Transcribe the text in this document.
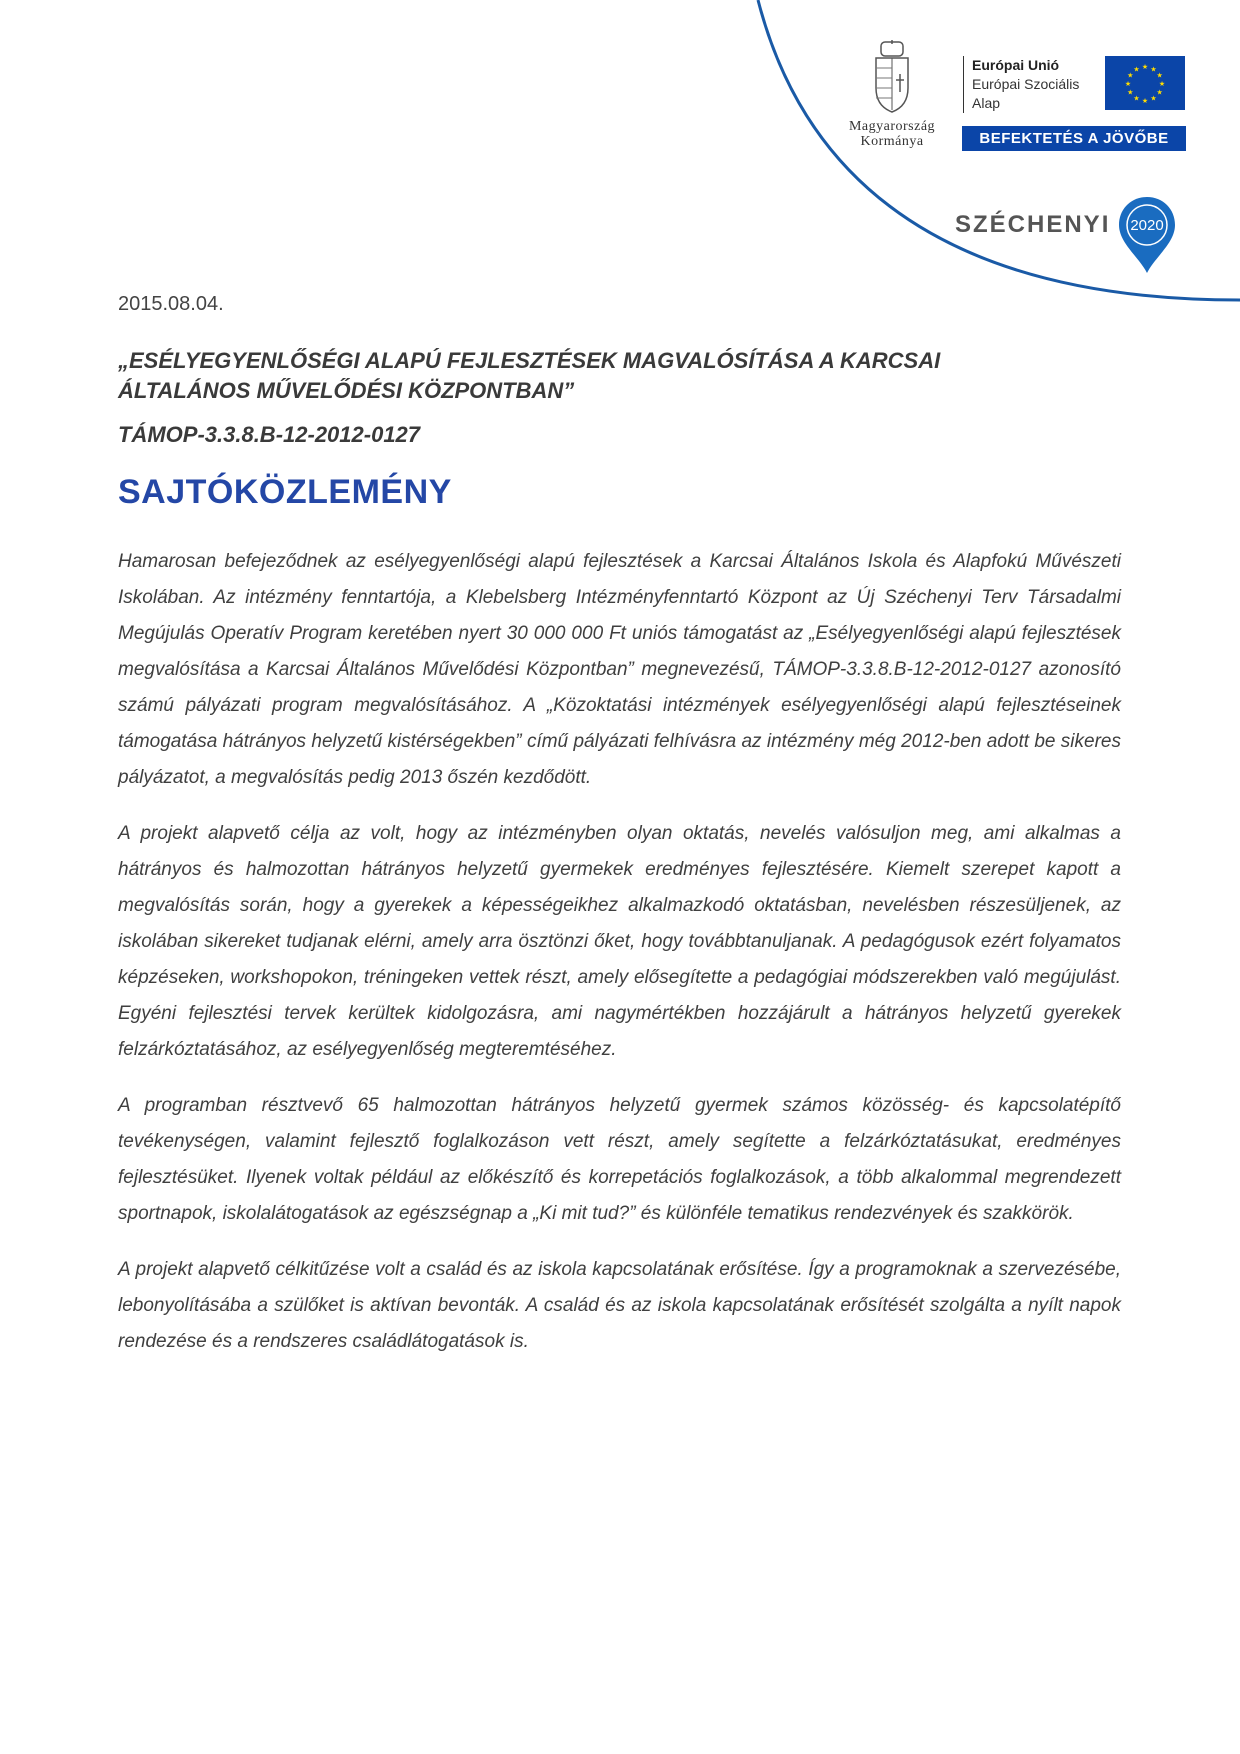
Magyarország
Kormánya
Európai Unió
Európai Szociális
Alap
★
★
★
★
★
★
★
★
★ ★ ★
★
BEFEKTETÉS A JÖVŐBE
SZÉCHENYI 2020
2015.08.04.
„ESÉLYEGYENLŐSÉGI ALAPÚ FEJLESZTÉSEK MAGVALÓSÍTÁSA A KARCSAI
ÁLTALÁNOS MŰVELŐDÉSI KÖZPONTBAN”
TÁMOP-3.3.8.B-12-2012-0127
SAJTÓKÖZLEMÉNY

Hamarosan befejeződnek az esélyegyenlőségi alapú fejlesztések a Karcsai Általános Iskola és Alapfokú Művészeti Iskolában. Az intézmény fenntartója, a Klebelsberg Intézményfenntartó Központ az Új Széchenyi Terv Társadalmi Megújulás Operatív Program keretében nyert 30 000 000 Ft uniós támogatást az „Esélyegyenlőségi alapú fejlesztések megvalósítása a Karcsai Általános Művelődési Központban” megnevezésű, TÁMOP-3.3.8.B-12-2012-0127 azonosító számú pályázati program megvalósításához. A „Közoktatási intézmények esélyegyenlőségi alapú fejlesztéseinek támogatása hátrányos helyzetű kistérségekben” című pályázati felhívásra az intézmény még 2012-ben adott be sikeres pályázatot, a megvalósítás pedig 2013 őszén kezdődött.

A projekt alapvető célja az volt, hogy az intézményben olyan oktatás, nevelés valósuljon meg, ami alkalmas a hátrányos és halmozottan hátrányos helyzetű gyermekek eredményes fejlesztésére. Kiemelt szerepet kapott a megvalósítás során, hogy a gyerekek a képességeikhez alkalmazkodó oktatásban, nevelésben részesüljenek, az iskolában sikereket tudjanak elérni, amely arra ösztönzi őket, hogy továbbtanuljanak. A pedagógusok ezért folyamatos képzéseken, workshopokon, tréningeken vettek részt, amely elősegítette a pedagógiai módszerekben való megújulást. Egyéni fejlesztési tervek kerültek kidolgozásra, ami nagymértékben hozzájárult a hátrányos helyzetű gyerekek felzárkóztatásához, az esélyegyenlőség megteremtéséhez.

A programban résztvevő 65 halmozottan hátrányos helyzetű gyermek számos közösség- és kapcsolatépítő tevékenységen, valamint fejlesztő foglalkozáson vett részt, amely segítette a felzárkóztatásukat, eredményes fejlesztésüket. Ilyenek voltak például az előkészítő és korrepetációs foglalkozások, a több alkalommal megrendezett sportnapok, iskolalátogatások az egészségnap a „Ki mit tud?” és különféle tematikus rendezvények és szakkörök.

A projekt alapvető célkitűzése volt a család és az iskola kapcsolatának erősítése. Így a programoknak a szervezésébe, lebonyolításába a szülőket is aktívan bevonták. A család és az iskola kapcsolatának erősítését szolgálta a nyílt napok rendezése és a rendszeres családlátogatások is.
